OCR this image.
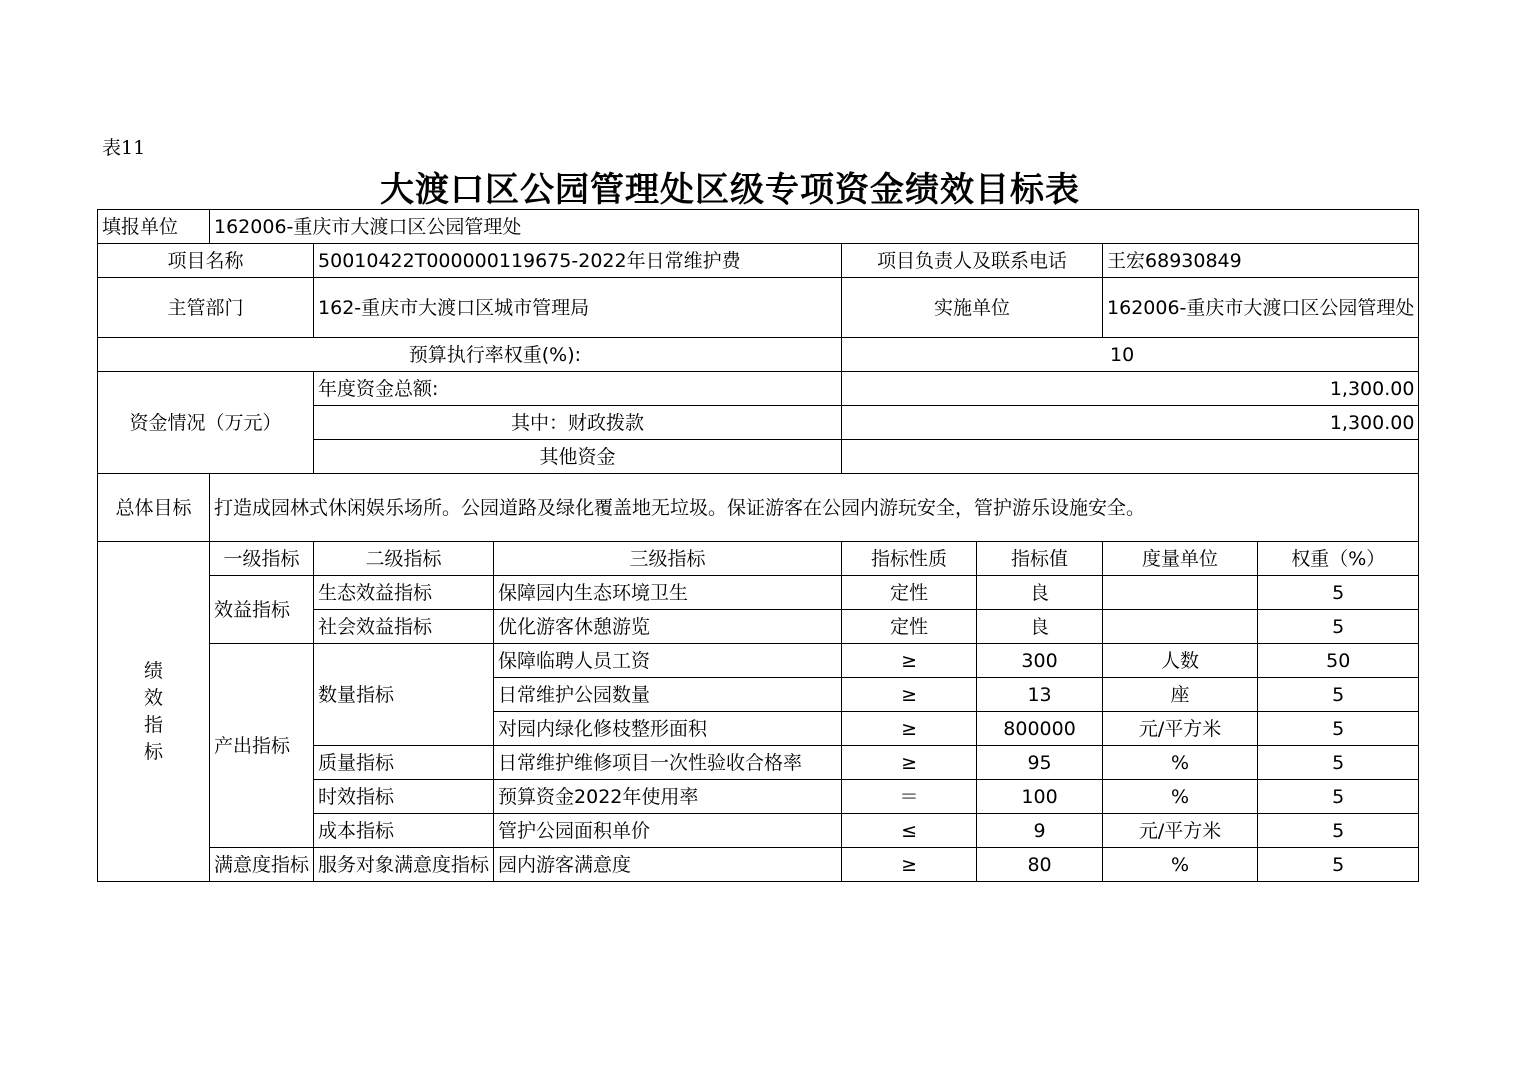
表11
大渡口区公园管理处区级专项资金绩效目标表
填报单位	162006-重庆市大渡口区公园管理处						
项目名称		50010422T000000119675-2022年日常维护费		项目负责人及联系电话		王宏68930849	
主管部门		162-重庆市大渡口区城市管理局		实施单位		162006-重庆市大渡口区公园管理处	
预算执行率权重(%):				10			
资金情况（万元）		年度资金总额:		1,300.00			
		其中：财政拨款		1,300.00			
		其他资金					
总体目标	打造成园林式休闲娱乐场所。公园道路及绿化覆盖地无垃圾。保证游客在公园内游玩安全，管护游乐设施安全。						
绩效指标	一级指标	二级指标	三级指标	指标性质	指标值	度量单位	权重（%）
	效益指标	生态效益指标	保障园内生态环境卫生	定性	良		5
		社会效益指标	优化游客休憩游览	定性	良		5
	产出指标	数量指标	保障临聘人员工资	≥	300	人数	50
			日常维护公园数量	≥	13	座	5
			对园内绿化修枝整形面积	≥	800000	元/平方米	5
		质量指标	日常维护维修项目一次性验收合格率	≥	95	%	5
		时效指标	预算资金2022年使用率	＝	100	%	5
		成本指标	管护公园面积单价	≤	9	元/平方米	5
	满意度指标	服务对象满意度指标	园内游客满意度	≥	80	%	5
